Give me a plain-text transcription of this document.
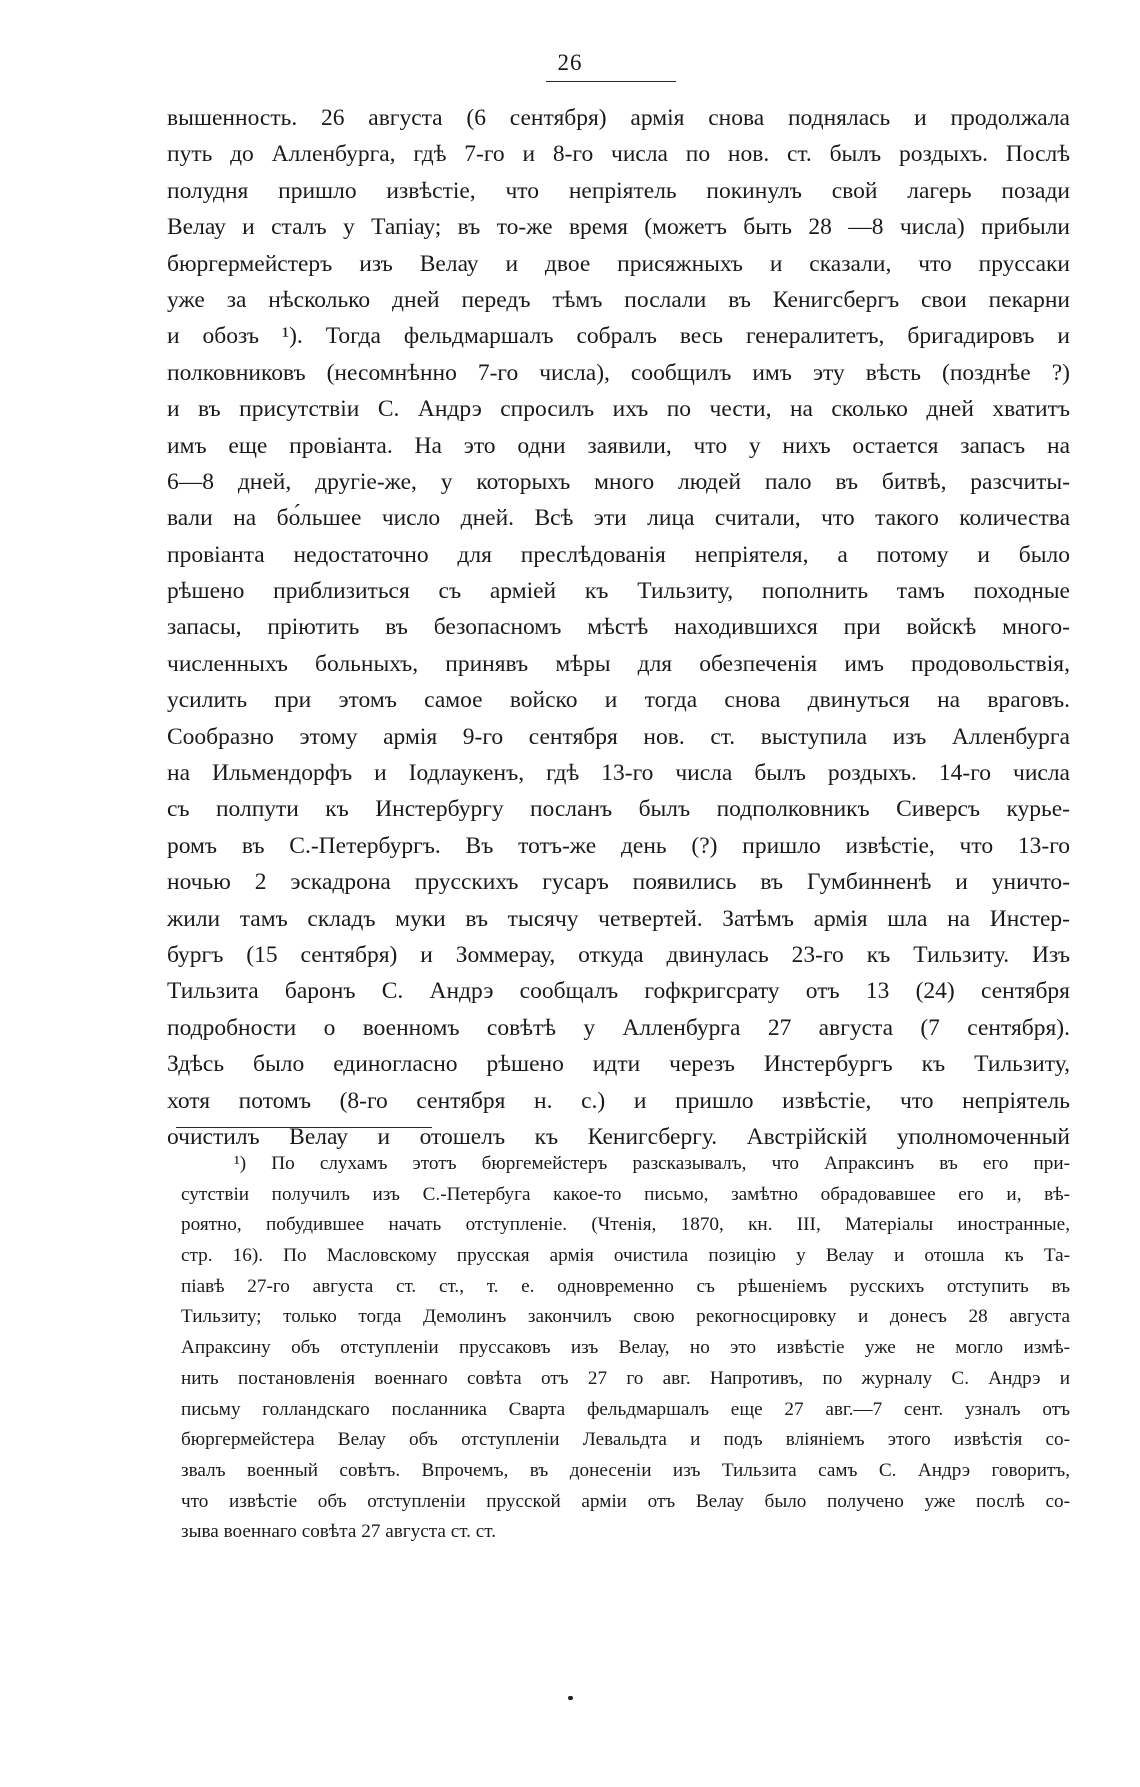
26
вышенность. 26 августа (6 сентября) армія снова поднялась и продолжала
путь до Алленбурга, гдѣ 7-го и 8-го числа по нов. ст. былъ роздыхъ. Послѣ
полудня пришло извѣстіе, что непріятель покинулъ свой лагерь позади
Велау и сталъ у Тапіау; въ то-же время (можетъ быть 28 —8 числа) прибыли
бюргермейстеръ изъ Велау и двое присяжныхъ и сказали, что пруссаки
уже за нѣсколько дней передъ тѣмъ послали въ Кенигсбергъ свои пекарни
и обозъ ¹). Тогда фельдмаршалъ собралъ весь генералитетъ, бригадировъ и
полковниковъ (несомнѣнно 7-го числа), сообщилъ имъ эту вѣсть (позднѣе ?)
и въ присутствіи С. Андрэ спросилъ ихъ по чести, на сколько дней хватитъ
имъ еще провіанта. На это одни заявили, что у нихъ остается запасъ на
6—8 дней, другіе-же, у которыхъ много людей пало въ битвѣ, разсчиты-
вали на бо́льшее число дней. Всѣ эти лица считали, что такого количества
провіанта недостаточно для преслѣдованія непріятеля, а потому и было
рѣшено приблизиться съ арміей къ Тильзиту, пополнить тамъ походные
запасы, пріютить въ безопасномъ мѣстѣ находившихся при войскѣ много-
численныхъ больныхъ, принявъ мѣры для обезпеченія имъ продовольствія,
усилить при этомъ самое войско и тогда снова двинуться на враговъ.
Сообразно этому армія 9-го сентября нов. ст. выступила изъ Алленбурга
на Ильмендорфъ и Іодлаукенъ, гдѣ 13-го числа былъ роздыхъ. 14-го числа
съ полпути къ Инстербургу посланъ былъ подполковникъ Сиверсъ курье-
ромъ въ С.-Петербургъ. Въ тотъ-же день (?) пришло извѣстіе, что 13-го
ночью 2 эскадрона прусскихъ гусаръ появились въ Гумбинненѣ и уничто-
жили тамъ складъ муки въ тысячу четвертей. Затѣмъ армія шла на Инстер-
бургъ (15 сентября) и Зоммерау, откуда двинулась 23-го къ Тильзиту. Изъ
Тильзита баронъ С. Андрэ сообщалъ гофкригсрату отъ 13 (24) сентября
подробности о военномъ совѣтѣ у Алленбурга 27 августа (7 сентября).
Здѣсь было единогласно рѣшено идти черезъ Инстербургъ къ Тильзиту,
хотя потомъ (8-го сентября н. с.) и пришло извѣстіе, что непріятель
очистилъ Велау и отошелъ къ Кенигсбергу. Австрійскій уполномоченный
¹) По слухамъ этотъ бюргемейстеръ разсказывалъ, что Апраксинъ въ его при-
сутствіи получилъ изъ С.-Петербуга какое-то письмо, замѣтно обрадовавшее его и, вѣ-
роятно, побудившее начать отступленіе. (Чтенія, 1870, кн. III, Матеріалы иностранные,
стр. 16). По Масловскому прусская армія очистила позицію у Велау и отошла къ Та-
піавѣ 27-го августа ст. ст., т. е. одновременно съ рѣшеніемъ русскихъ отступить въ
Тильзиту; только тогда Демолинъ закончилъ свою рекогносцировку и донесъ 28 августа
Апраксину объ отступленіи пруссаковъ изъ Велау, но это извѣстіе уже не могло измѣ-
нить постановленія военнаго совѣта отъ 27 го авг. Напротивъ, по журналу С. Андрэ и
письму голландскаго посланника Сварта фельдмаршалъ еще 27 авг.—7 сент. узналъ отъ
бюргермейстера Велау объ отступленіи Левальдта и подъ вліяніемъ этого извѣстія со-
звалъ военный совѣтъ. Впрочемъ, въ донесеніи изъ Тильзита самъ С. Андрэ говоритъ,
что извѣстіе объ отступленіи прусской арміи отъ Велау было получено уже послѣ со-
зыва военнаго совѣта 27 августа ст. ст.
